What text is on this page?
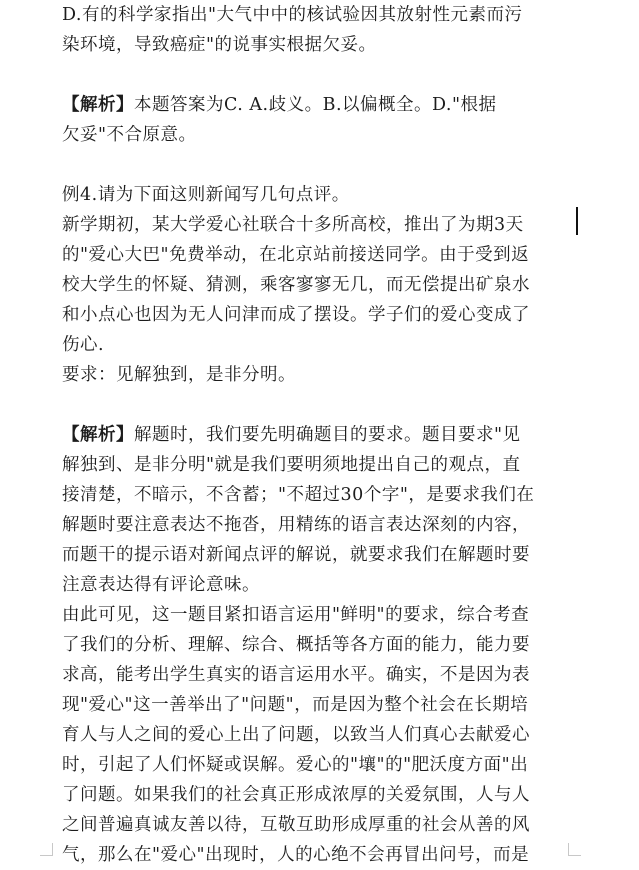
D.有的科学家指出"大气中中的核试验因其放射性元素而污
染环境，导致癌症"的说事实根据欠妥。
【解析】本题答案为C. A.歧义。B.以偏概全。D."根据
欠妥"不合原意。
例4.请为下面这则新闻写几句点评。
新学期初，某大学爱心社联合十多所高校，推出了为期3天
的"爱心大巴"免费举动，在北京站前接送同学。由于受到返
校大学生的怀疑、猜测，乘客寥寥无几，而无偿提出矿泉水
和小点心也因为无人问津而成了摆设。学子们的爱心变成了
伤心.
要求：见解独到，是非分明。
【解析】解题时，我们要先明确题目的要求。题目要求"见
解独到、是非分明"就是我们要明须地提出自己的观点，直
接清楚，不暗示，不含蓄；"不超过30个字"，是要求我们在
解题时要注意表达不拖沓，用精练的语言表达深刻的内容，
而题干的提示语对新闻点评的解说，就要求我们在解题时要
注意表达得有评论意味。
由此可见，这一题目紧扣语言运用"鲜明"的要求，综合考查
了我们的分析、理解、综合、概括等各方面的能力，能力要
求高，能考出学生真实的语言运用水平。确实，不是因为表
现"爱心"这一善举出了"问题"，而是因为整个社会在长期培
育人与人之间的爱心上出了问题，以致当人们真心去献爱心
时，引起了人们怀疑或误解。爱心的"壤"的"肥沃度方面"出
了问题。如果我们的社会真正形成浓厚的关爱氛围，人与人
之间普遍真诚友善以待，互敬互助形成厚重的社会从善的风
气，那么在"爱心"出现时，人的心绝不会再冒出问号，而是
